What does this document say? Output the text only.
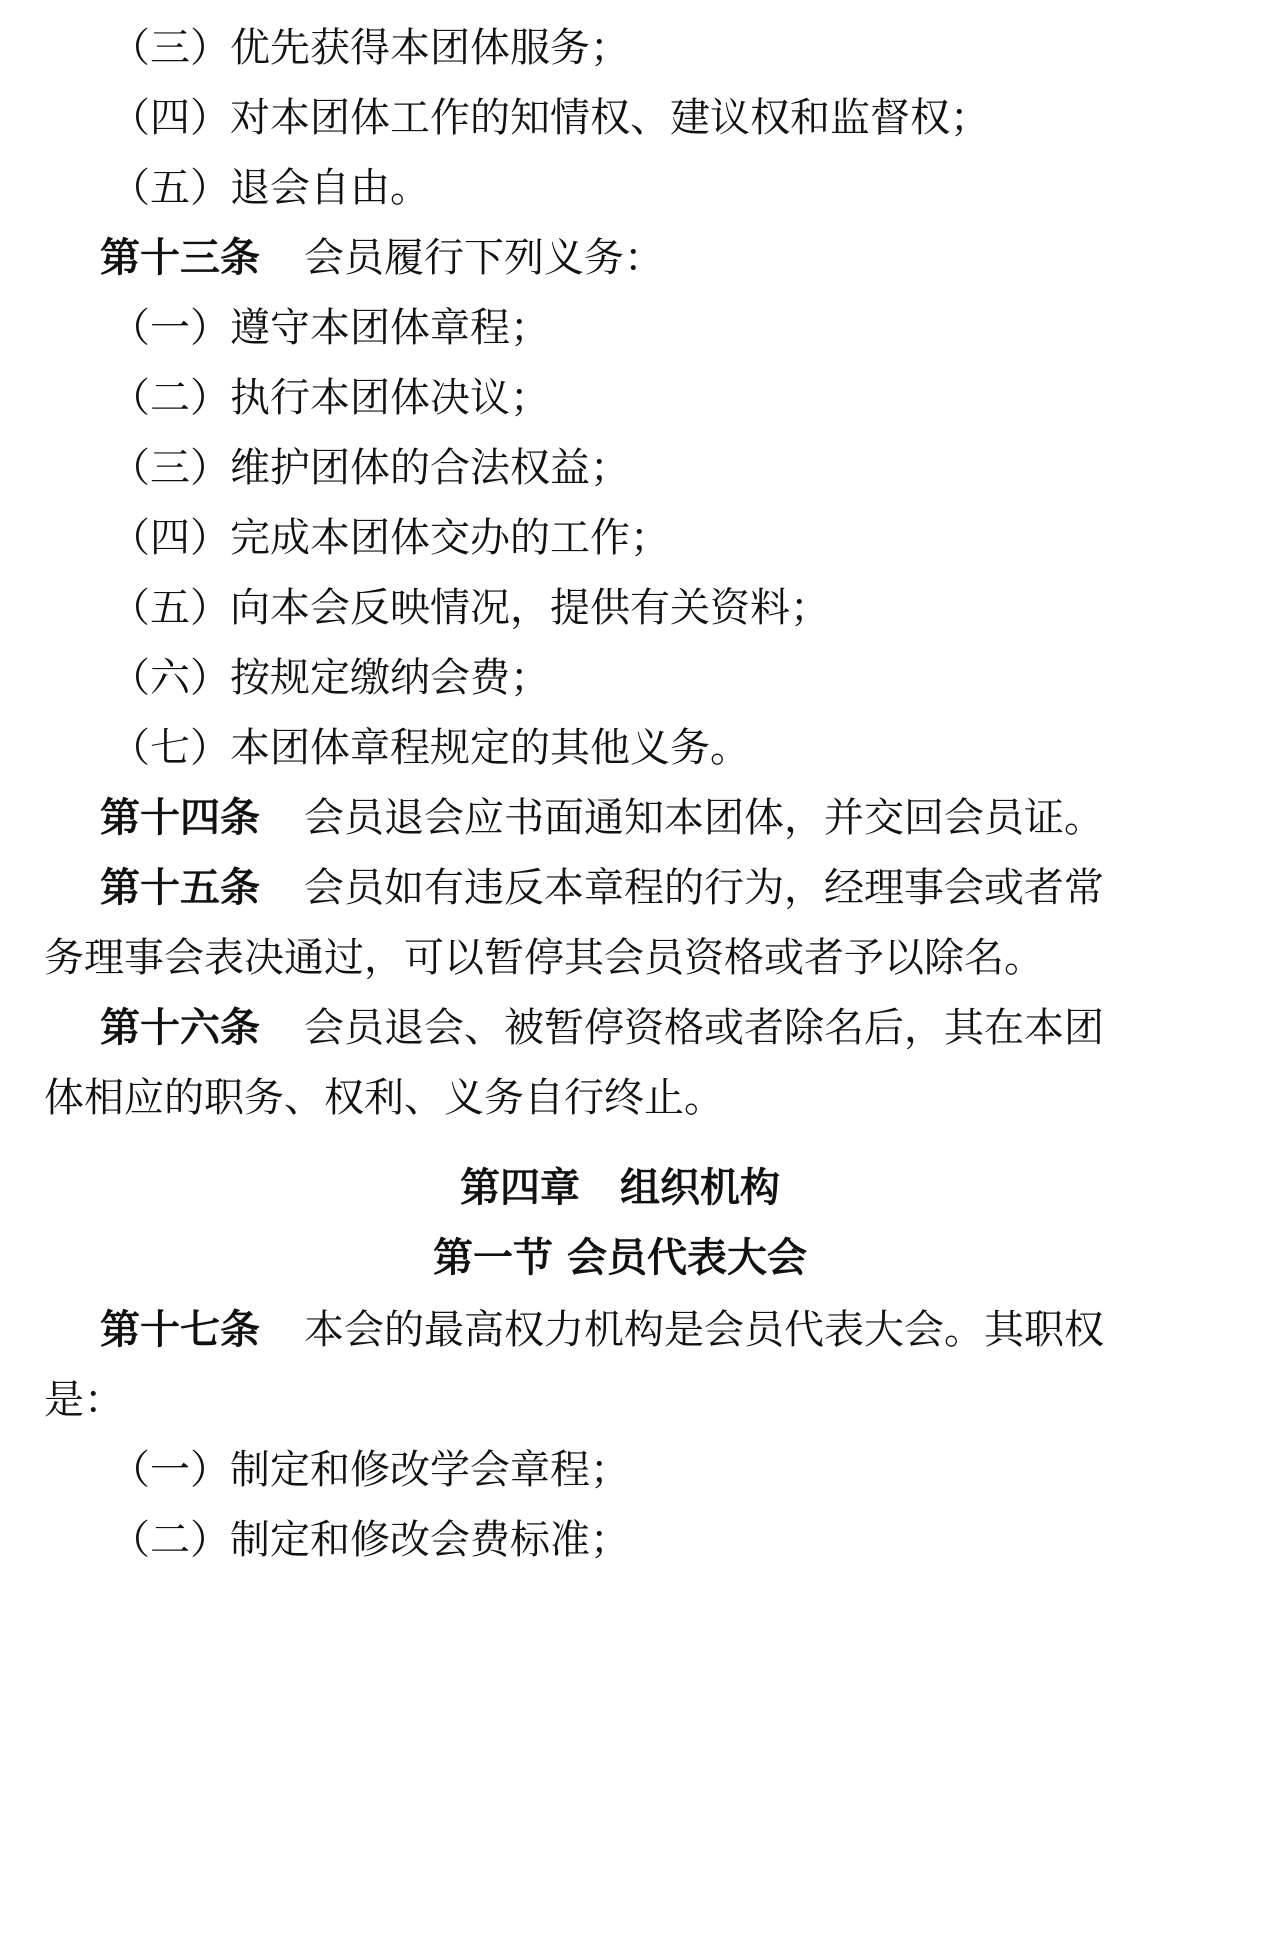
（三）优先获得本团体服务；
（四）对本团体工作的知情权、建议权和监督权；
（五）退会自由。
第十三条 会员履行下列义务：
（一）遵守本团体章程；
（二）执行本团体决议；
（三）维护团体的合法权益；
（四）完成本团体交办的工作；
（五）向本会反映情况，提供有关资料；
（六）按规定缴纳会费；
（七）本团体章程规定的其他义务。
第十四条 会员退会应书面通知本团体，并交回会员证。
第十五条 会员如有违反本章程的行为，经理事会或者常
务理事会表决通过，可以暂停其会员资格或者予以除名。
第十六条 会员退会、被暂停资格或者除名后，其在本团
体相应的职务、权利、义务自行终止。
第四章　组织机构
第一节 会员代表大会
第十七条 本会的最高权力机构是会员代表大会。其职权
是：
（一）制定和修改学会章程；
（二）制定和修改会费标准；
